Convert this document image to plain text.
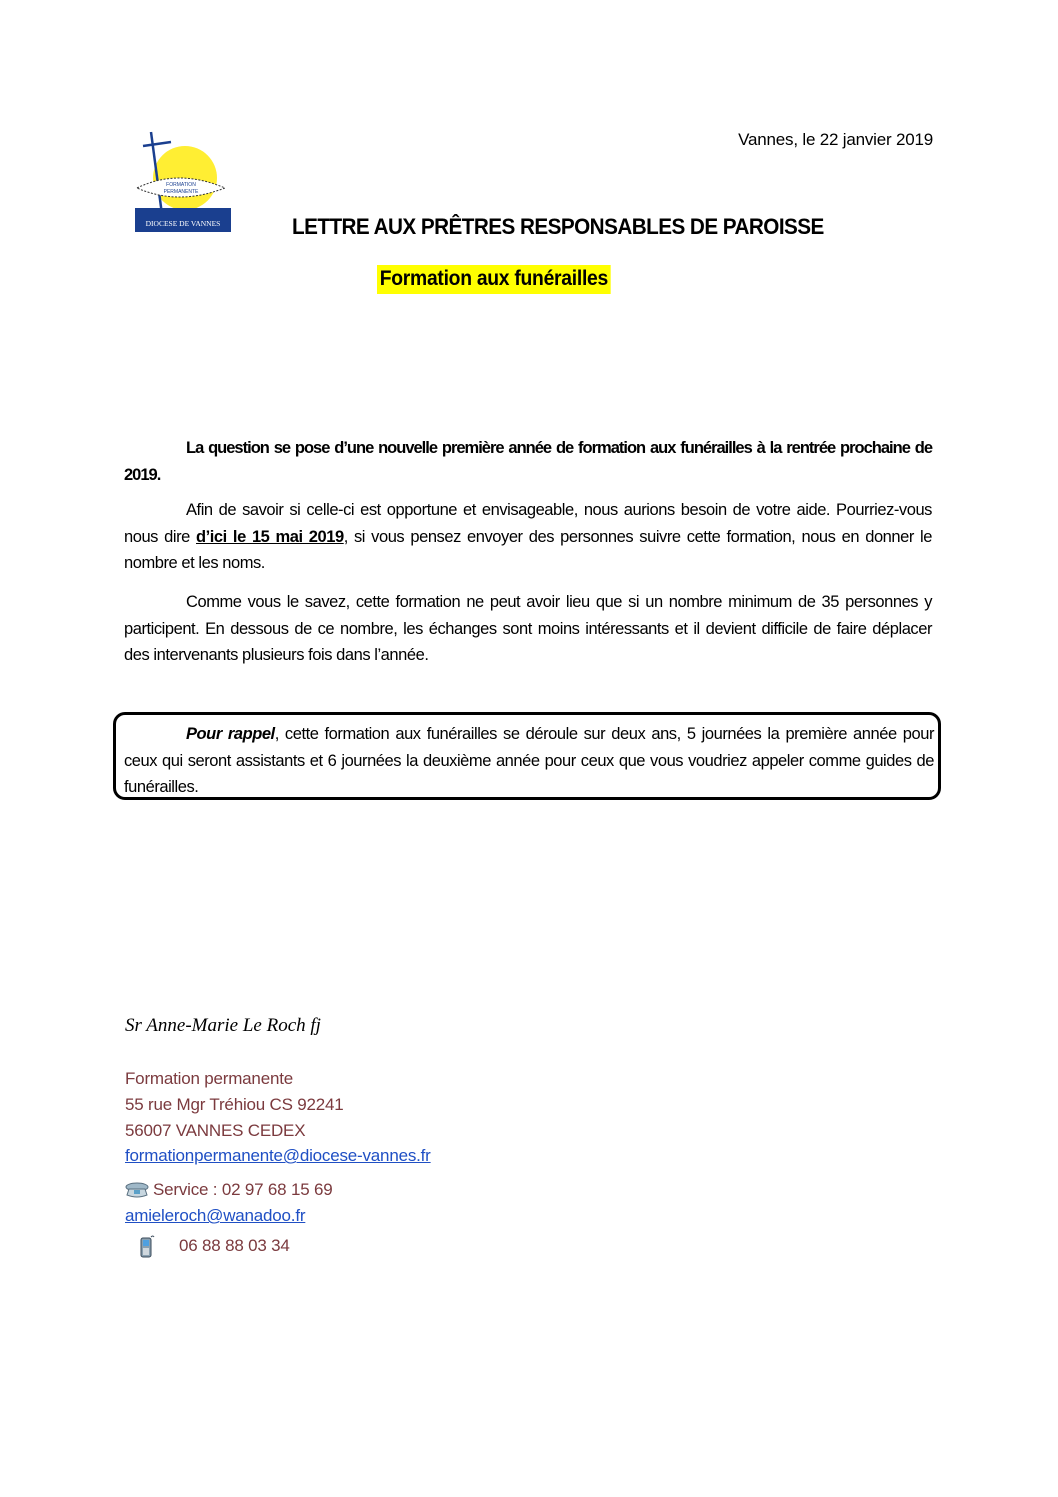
FORMATION
PERMANENTE
DIOCESE DE VANNES
Vannes, le 22 janvier 2019
LETTRE AUX PRÊTRES RESPONSABLES DE PAROISSE
Formation aux funérailles
La question se pose d’une nouvelle première année de formation aux funérailles à la rentrée prochaine de 2019.
Afin de savoir si celle-ci est opportune et envisageable, nous aurions besoin de votre aide. Pourriez-vous nous dire d’ici le 15 mai 2019, si vous pensez envoyer des personnes suivre cette formation, nous en donner le nombre et les noms.
Comme vous le savez, cette formation ne peut avoir lieu que si un nombre minimum de 35 personnes y participent. En dessous de ce nombre, les échanges sont moins intéressants et il devient difficile de faire déplacer des intervenants plusieurs fois dans l’année.
Pour rappel, cette formation aux funérailles se déroule sur deux ans, 5 journées la première année pour ceux qui seront assistants et 6 journées la deuxième année pour ceux que vous voudriez appeler comme guides de funérailles.
Sr Anne-Marie Le Roch fj
Formation permanente
55 rue Mgr Tréhiou CS 92241
56007 VANNES CEDEX
formationpermanente@diocese-vannes.fr
Service : 02 97 68 15 69
amieleroch@wanadoo.fr
06 88 88 03 34
